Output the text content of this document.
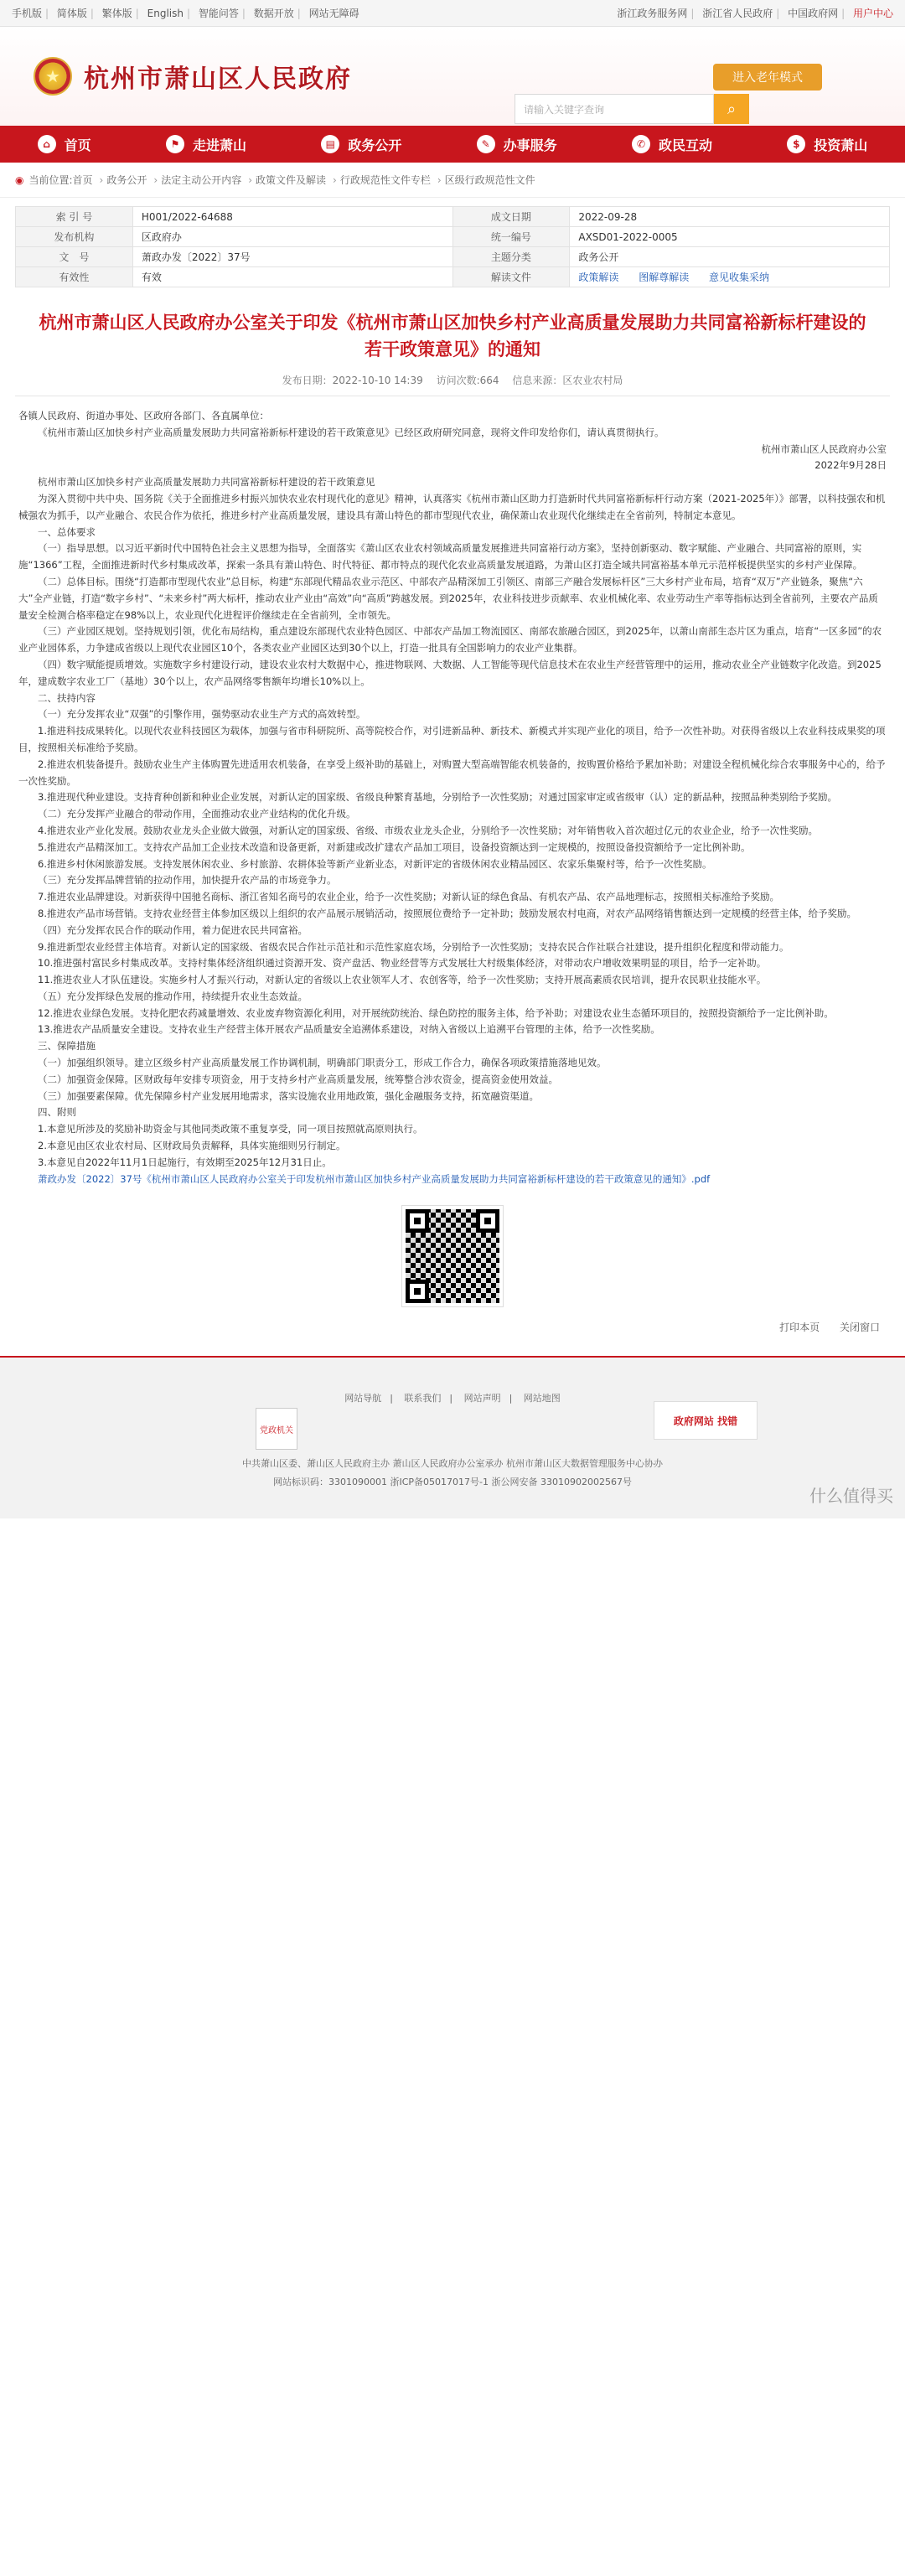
手机版 | 简体版 | 繁体版 | English | 智能问答 | 数据开放 | 网站无障碍	浙江政务服务网 | 浙江省人民政府 | 中国政府网 | 用户中心
★ 杭州市萧山区人民政府	进入老年模式
请输入关键字查询	⌕
⌂	首页	⚑ 走进萧山	▤ 政务公开	✎ 办事服务	✆ 政民互动	$	投资萧山
◉ 当前位置: 首页 › 政务公开 › 法定主动公开内容 › 政策文件及解读 › 行政规范性文件专栏 › 区级行政规范性文件
索 引 号	H001/2022-64688	成文日期	2022-09-28
发布机构	区政府办	统一编号	AXSD01-2022-0005
文　号	萧政办发〔2022〕37号	主题分类	政务公开
有效性	有效	解读文件	政策解读 图解尊解读 意见收集采纳
杭州市萧山区人民政府办公室关于印发《杭州市萧山区加快乡村产业高质量发展助力共同富裕新标杆建设的若干政策意见》的通知
发布日期：2022-10-10 14:39 访问次数:664 信息来源：区农业农村局

各镇人民政府、街道办事处、区政府各部门、各直属单位：

《杭州市萧山区加快乡村产业高质量发展助力共同富裕新标杆建设的若干政策意见》已经区政府研究同意，现将文件印发给你们，请认真贯彻执行。

杭州市萧山区人民政府办公室

2022年9月28日

杭州市萧山区加快乡村产业高质量发展助力共同富裕新标杆建设的若干政策意见

为深入贯彻中共中央、国务院《关于全面推进乡村振兴加快农业农村现代化的意见》精神，认真落实《杭州市萧山区助力打造新时代共同富裕新标杆行动方案（2021-2025年）》部署，以科技强农和机械强农为抓手，以产业融合、农民合作为依托，推进乡村产业高质量发展，建设具有萧山特色的都市型现代农业，确保萧山农业现代化继续走在全省前列，特制定本意见。

一、总体要求

（一）指导思想。以习近平新时代中国特色社会主义思想为指导，全面落实《萧山区农业农村领域高质量发展推进共同富裕行动方案》，坚持创新驱动、数字赋能、产业融合、共同富裕的原则，实施“1366”工程，全面推进新时代乡村集成改革，探索一条具有萧山特色、时代特征、都市特点的现代化农业高质量发展道路，为萧山区打造全域共同富裕基本单元示范样板提供坚实的乡村产业保障。

（二）总体目标。围绕“打造都市型现代农业”总目标，构建“东部现代精品农业示范区、中部农产品精深加工引领区、南部三产融合发展标杆区”三大乡村产业布局，培育“双万”产业链条，聚焦“六大”全产业链，打造“数字乡村”、“未来乡村”两大标杆，推动农业产业由“高效”向“高质”跨越发展。到2025年，农业科技进步贡献率、农业机械化率、农业劳动生产率等指标达到全省前列，主要农产品质量安全检测合格率稳定在98%以上，农业现代化进程评价继续走在全省前列，全市领先。

（三）产业园区规划。坚持规划引领，优化布局结构，重点建设东部现代农业特色园区、中部农产品加工物流园区、南部农旅融合园区，到2025年，以萧山南部生态片区为重点，培育“一区多园”的农业产业园体系，力争建成省级以上现代农业园区10个，各类农业产业园区达到30个以上，打造一批具有全国影响力的农业产业集群。

（四）数字赋能提质增效。实施数字乡村建设行动，建设农业农村大数据中心，推进物联网、大数据、人工智能等现代信息技术在农业生产经营管理中的运用，推动农业全产业链数字化改造。到2025年，建成数字农业工厂（基地）30个以上，农产品网络零售额年均增长10%以上。

二、扶持内容

（一）充分发挥农业“双强”的引擎作用，强势驱动农业生产方式的高效转型。

1.推进科技成果转化。以现代农业科技园区为载体，加强与省市科研院所、高等院校合作，对引进新品种、新技术、新模式并实现产业化的项目，给予一次性补助。对获得省级以上农业科技成果奖的项目，按照相关标准给予奖励。

2.推进农机装备提升。鼓励农业生产主体购置先进适用农机装备，在享受上级补助的基础上，对购置大型高端智能农机装备的，按购置价格给予累加补助；对建设全程机械化综合农事服务中心的，给予一次性奖励。

3.推进现代种业建设。支持育种创新和种业企业发展，对新认定的国家级、省级良种繁育基地，分别给予一次性奖励；对通过国家审定或省级审（认）定的新品种，按照品种类别给予奖励。

（二）充分发挥产业融合的带动作用，全面推动农业产业结构的优化升级。

4.推进农业产业化发展。鼓励农业龙头企业做大做强，对新认定的国家级、省级、市级农业龙头企业，分别给予一次性奖励；对年销售收入首次超过亿元的农业企业，给予一次性奖励。

5.推进农产品精深加工。支持农产品加工企业技术改造和设备更新，对新建或改扩建农产品加工项目，设备投资额达到一定规模的，按照设备投资额给予一定比例补助。

6.推进乡村休闲旅游发展。支持发展休闲农业、乡村旅游、农耕体验等新产业新业态，对新评定的省级休闲农业精品园区、农家乐集聚村等，给予一次性奖励。

（三）充分发挥品牌营销的拉动作用，加快提升农产品的市场竞争力。

7.推进农业品牌建设。对新获得中国驰名商标、浙江省知名商号的农业企业，给予一次性奖励；对新认证的绿色食品、有机农产品、农产品地理标志，按照相关标准给予奖励。

8.推进农产品市场营销。支持农业经营主体参加区级以上组织的农产品展示展销活动，按照展位费给予一定补助；鼓励发展农村电商，对农产品网络销售额达到一定规模的经营主体，给予奖励。

（四）充分发挥农民合作的联动作用，着力促进农民共同富裕。

9.推进新型农业经营主体培育。对新认定的国家级、省级农民合作社示范社和示范性家庭农场，分别给予一次性奖励；支持农民合作社联合社建设，提升组织化程度和带动能力。

10.推进强村富民乡村集成改革。支持村集体经济组织通过资源开发、资产盘活、物业经营等方式发展壮大村级集体经济，对带动农户增收效果明显的项目，给予一定补助。

11.推进农业人才队伍建设。实施乡村人才振兴行动，对新认定的省级以上农业领军人才、农创客等，给予一次性奖励；支持开展高素质农民培训，提升农民职业技能水平。

（五）充分发挥绿色发展的推动作用，持续提升农业生态效益。

12.推进农业绿色发展。支持化肥农药减量增效、农业废弃物资源化利用，对开展统防统治、绿色防控的服务主体，给予补助；对建设农业生态循环项目的，按照投资额给予一定比例补助。

13.推进农产品质量安全建设。支持农业生产经营主体开展农产品质量安全追溯体系建设，对纳入省级以上追溯平台管理的主体，给予一次性奖励。

三、保障措施

（一）加强组织领导。建立区级乡村产业高质量发展工作协调机制，明确部门职责分工，形成工作合力，确保各项政策措施落地见效。

（二）加强资金保障。区财政每年安排专项资金，用于支持乡村产业高质量发展，统筹整合涉农资金，提高资金使用效益。

（三）加强要素保障。优先保障乡村产业发展用地需求，落实设施农业用地政策，强化金融服务支持，拓宽融资渠道。

四、附则

1.本意见所涉及的奖励补助资金与其他同类政策不重复享受，同一项目按照就高原则执行。

2.本意见由区农业农村局、区财政局负责解释，具体实施细则另行制定。

3.本意见自2022年11月1日起施行，有效期至2025年12月31日止。

萧政办发〔2022〕37号《杭州市萧山区人民政府办公室关于印发杭州市萧山区加快乡村产业高质量发展助力共同富裕新标杆建设的若干政策意见的通知》.pdf

打印本页 关闭窗口
网站导航 | 联系我们 | 网站声明 | 网站地图
党政机关
政府网站 找错
中共萧山区委、萧山区人民政府主办 萧山区人民政府办公室承办 杭州市萧山区大数据管理服务中心协办
网站标识码：3301090001 浙ICP备05017017号-1 浙公网安备 33010902002567号
什么值得买
